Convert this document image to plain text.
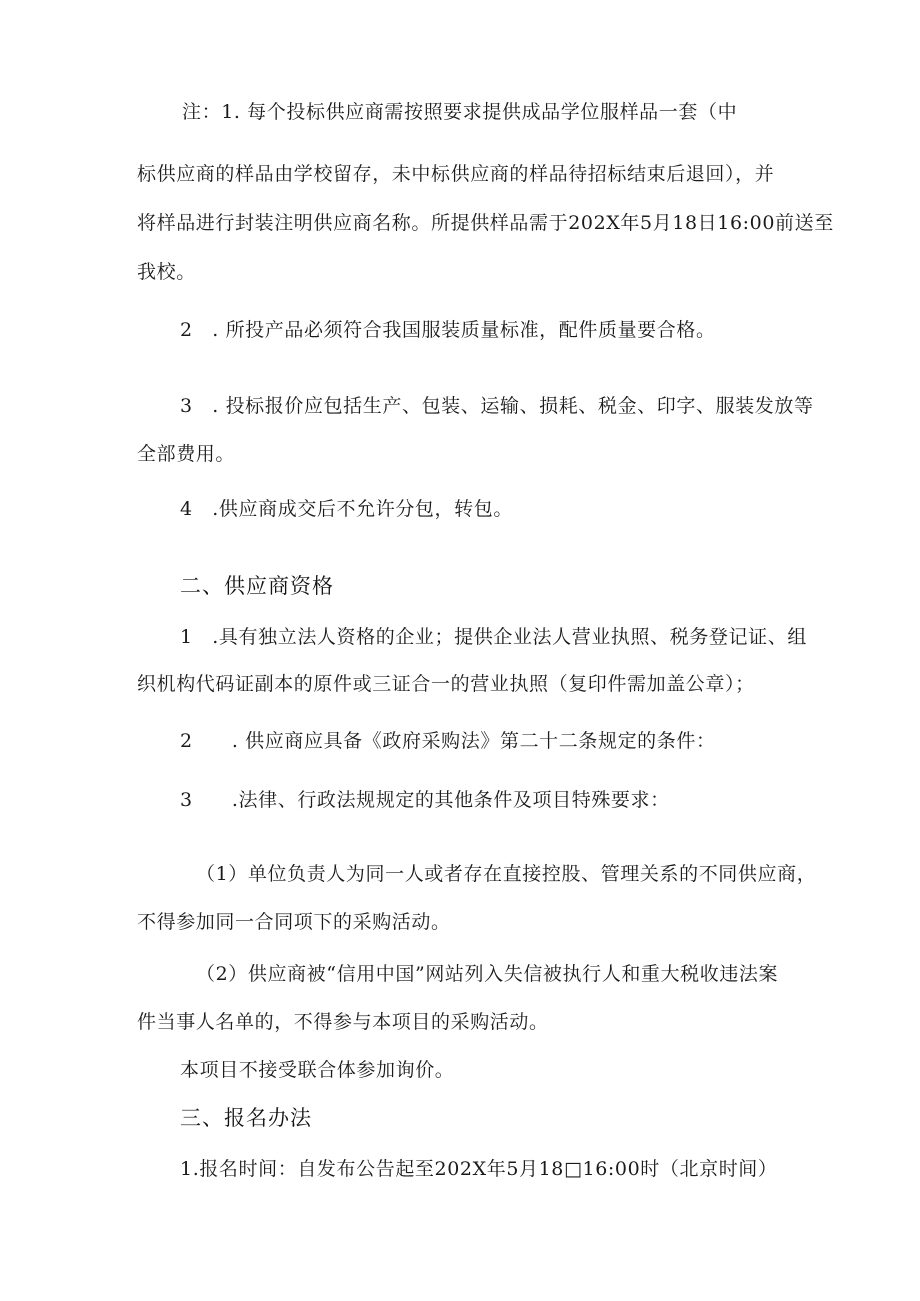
注：1. 每个投标供应商需按照要求提供成品学位服样品一套（中
标供应商的样品由学校留存，未中标供应商的样品待招标结束后退回），并
将样品进行封装注明供应商名称。所提供样品需于202X年5月18日16:00前送至
我校。
2　. 所投产品必须符合我国服装质量标准，配件质量要合格。
3　. 投标报价应包括生产、包装、运输、损耗、税金、印字、服装发放等
全部费用。
4　.供应商成交后不允许分包，转包。
二、供应商资格
1　.具有独立法人资格的企业；提供企业法人营业执照、税务登记证、组
织机构代码证副本的原件或三证合一的营业执照（复印件需加盖公章）；
2　　. 供应商应具备《政府采购法》第二十二条规定的条件：
3　　.法律、行政法规规定的其他条件及项目特殊要求：
（1）单位负责人为同一人或者存在直接控股、管理关系的不同供应商，
不得参加同一合同项下的采购活动。
（2）供应商被“信用中国”网站列入失信被执行人和重大税收违法案
件当事人名单的，不得参与本项目的采购活动。
本项目不接受联合体参加询价。
三、报名办法
1.报名时间：自发布公告起至202X年5月18□16:00时（北京时间）
